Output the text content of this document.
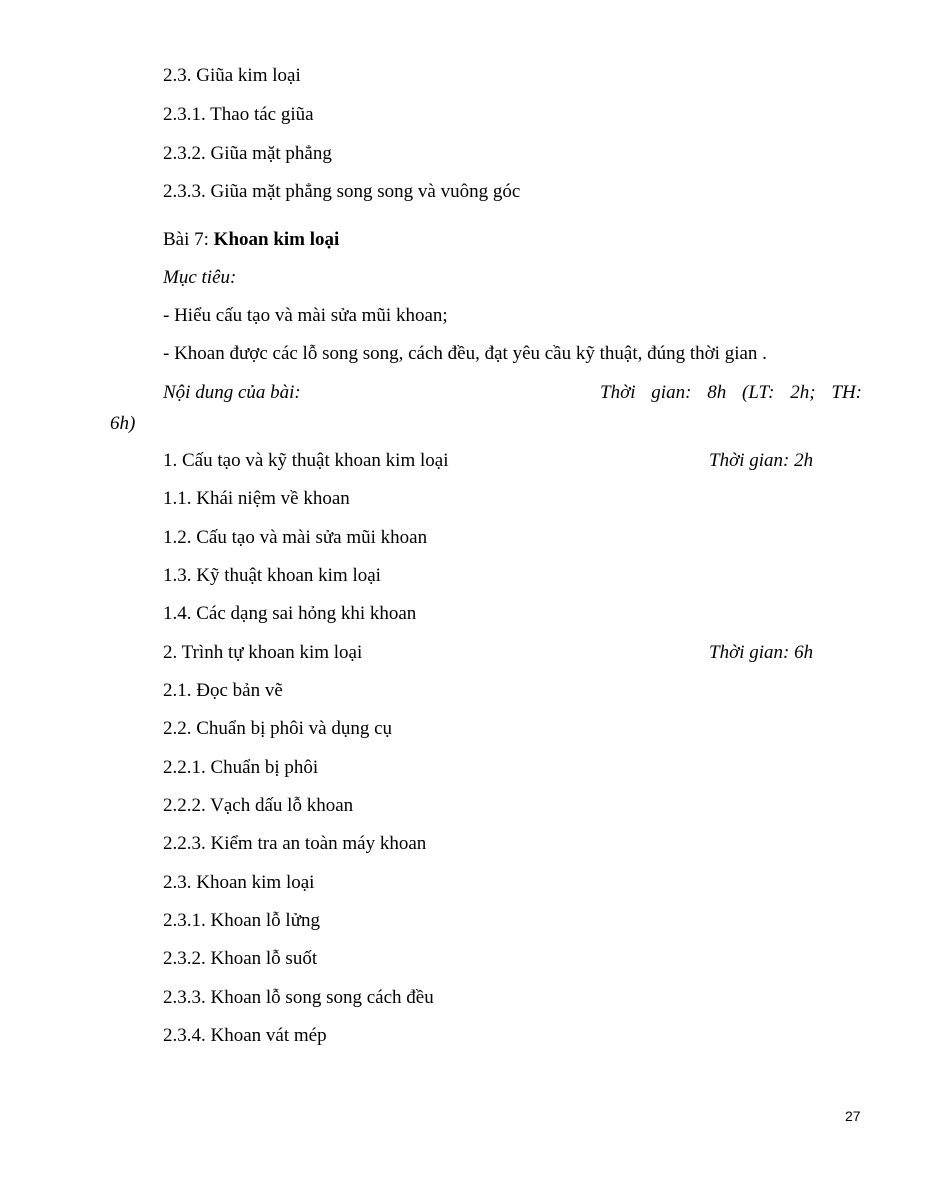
2.3. Giũa kim loại
2.3.1. Thao tác giũa
2.3.2. Giũa mặt phẳng
2.3.3. Giũa mặt phẳng song song và vuông góc
Bài 7: Khoan kim loại
Mục tiêu:
- Hiểu cấu tạo và mài sửa mũi khoan;
- Khoan được các lỗ song song, cách đều, đạt yêu cầu kỹ thuật, đúng thời gian .
Nội dung của bài:	Thời gian: 8h (LT: 2h; TH:
6h)
1. Cấu tạo và kỹ thuật khoan kim loại	Thời gian: 2h
1.1. Khái niệm về khoan
1.2. Cấu tạo và mài sửa mũi khoan
1.3. Kỹ thuật khoan kim loại
1.4. Các dạng sai hỏng khi khoan
2. Trình tự khoan kim loại	Thời gian: 6h
2.1. Đọc bản vẽ
2.2. Chuẩn bị phôi và dụng cụ
2.2.1. Chuẩn bị phôi
2.2.2. Vạch dấu lỗ khoan
2.2.3. Kiểm tra an toàn máy khoan
2.3. Khoan kim loại
2.3.1. Khoan lỗ lửng
2.3.2. Khoan lỗ suốt
2.3.3. Khoan lỗ song song cách đều
2.3.4. Khoan vát mép
27
